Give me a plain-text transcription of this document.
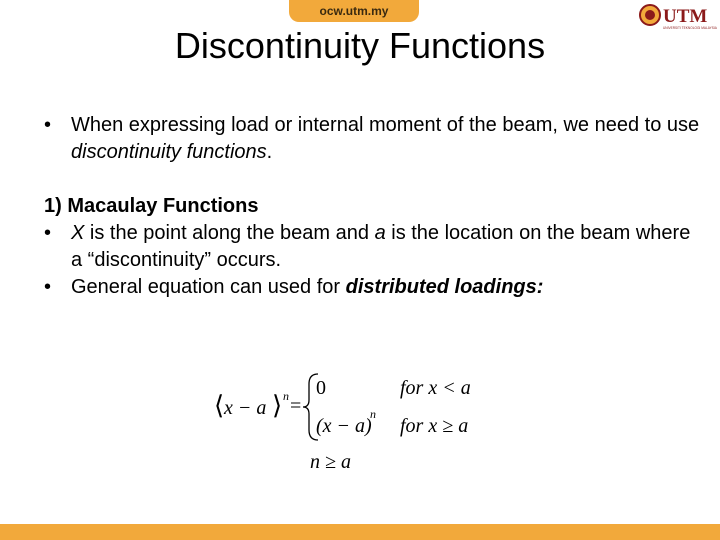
ocw.utm.my	UTM
UNIVERSITI TEKNOLOGI MALAYSIA
Discontinuity Functions
• When expressing load or internal moment of the beam, we need to use discontinuity functions.
1) Macaulay Functions
• X is the point along the beam and a is the location on the beam where a “discontinuity” occurs.
• General equation can used for distributed loadings:
⟨ x − a ⟩ n =
0	for x < a
(x − a)
n
for x ≥ a
n ≥ a
